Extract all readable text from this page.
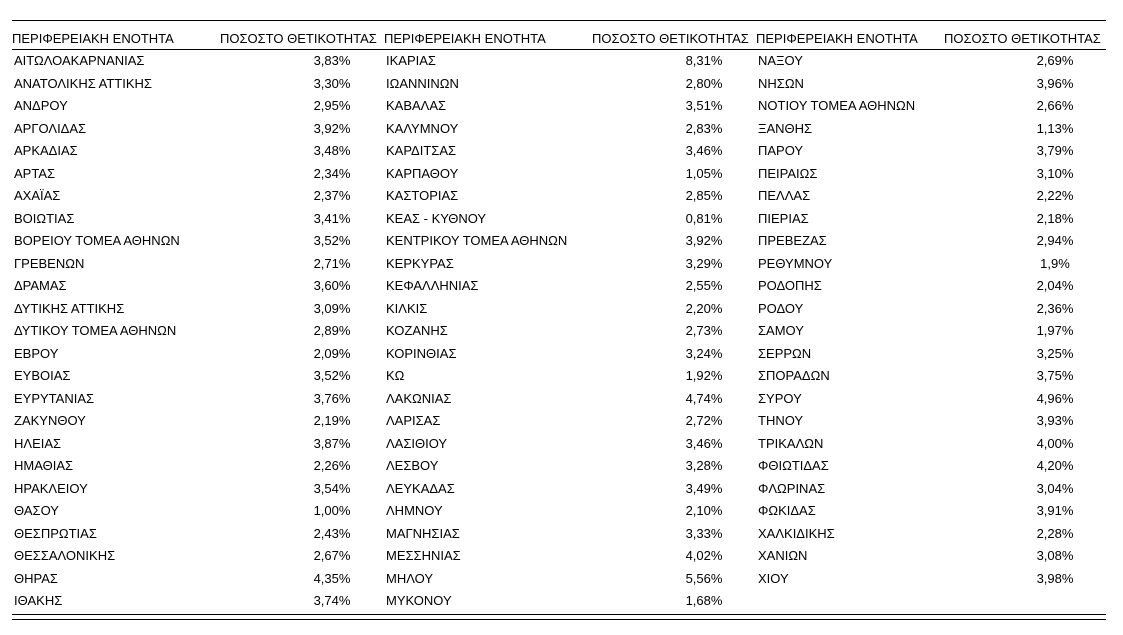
ΠΕΡΙΦΕΡΕΙΑΚΗ ΕΝΟΤΗΤΑ	ΠΟΣΟΣΤΟ ΘΕΤΙΚΟΤΗΤΑΣ	ΠΕΡΙΦΕΡΕΙΑΚΗ ΕΝΟΤΗΤΑ	ΠΟΣΟΣΤΟ ΘΕΤΙΚΟΤΗΤΑΣ	ΠΕΡΙΦΕΡΕΙΑΚΗ ΕΝΟΤΗΤΑ	ΠΟΣΟΣΤΟ ΘΕΤΙΚΟΤΗΤΑΣ
ΑΙΤΩΛΟΑΚΑΡΝΑΝΙΑΣ	3,83%	ΙΚΑΡΙΑΣ	8,31%	ΝΑΞΟΥ	2,69%
ΑΝΑΤΟΛΙΚΗΣ ΑΤΤΙΚΗΣ	3,30%	ΙΩΑΝΝΙΝΩΝ	2,80%	ΝΗΣΩΝ	3,96%
ΑΝΔΡΟΥ	2,95%	ΚΑΒΑΛΑΣ	3,51%	ΝΟΤΙΟΥ ΤΟΜΕΑ ΑΘΗΝΩΝ	2,66%
ΑΡΓΟΛΙΔΑΣ	3,92%	ΚΑΛΥΜΝΟΥ	2,83%	ΞΑΝΘΗΣ	1,13%
ΑΡΚΑΔΙΑΣ	3,48%	ΚΑΡΔΙΤΣΑΣ	3,46%	ΠΑΡΟΥ	3,79%
ΑΡΤΑΣ	2,34%	ΚΑΡΠΑΘΟΥ	1,05%	ΠΕΙΡΑΙΩΣ	3,10%
ΑΧΑΪΑΣ	2,37%	ΚΑΣΤΟΡΙΑΣ	2,85%	ΠΕΛΛΑΣ	2,22%
ΒΟΙΩΤΙΑΣ	3,41%	ΚΕΑΣ - ΚΥΘΝΟΥ	0,81%	ΠΙΕΡΙΑΣ	2,18%
ΒΟΡΕΙΟΥ ΤΟΜΕΑ ΑΘΗΝΩΝ	3,52%	ΚΕΝΤΡΙΚΟΥ ΤΟΜΕΑ ΑΘΗΝΩΝ	3,92%	ΠΡΕΒΕΖΑΣ	2,94%
ΓΡΕΒΕΝΩΝ	2,71%	ΚΕΡΚΥΡΑΣ	3,29%	ΡΕΘΥΜΝΟΥ	1,9%
ΔΡΑΜΑΣ	3,60%	ΚΕΦΑΛΛΗΝΙΑΣ	2,55%	ΡΟΔΟΠΗΣ	2,04%
ΔΥΤΙΚΗΣ ΑΤΤΙΚΗΣ	3,09%	ΚΙΛΚΙΣ	2,20%	ΡΟΔΟΥ	2,36%
ΔΥΤΙΚΟΥ ΤΟΜΕΑ ΑΘΗΝΩΝ	2,89%	ΚΟΖΑΝΗΣ	2,73%	ΣΑΜΟΥ	1,97%
ΕΒΡΟΥ	2,09%	ΚΟΡΙΝΘΙΑΣ	3,24%	ΣΕΡΡΩΝ	3,25%
ΕΥΒΟΙΑΣ	3,52%	ΚΩ	1,92%	ΣΠΟΡΑΔΩΝ	3,75%
ΕΥΡΥΤΑΝΙΑΣ	3,76%	ΛΑΚΩΝΙΑΣ	4,74%	ΣΥΡΟΥ	4,96%
ΖΑΚΥΝΘΟΥ	2,19%	ΛΑΡΙΣΑΣ	2,72%	ΤΗΝΟΥ	3,93%
ΗΛΕΙΑΣ	3,87%	ΛΑΣΙΘΙΟΥ	3,46%	ΤΡΙΚΑΛΩΝ	4,00%
ΗΜΑΘΙΑΣ	2,26%	ΛΕΣΒΟΥ	3,28%	ΦΘΙΩΤΙΔΑΣ	4,20%
ΗΡΑΚΛΕΙΟΥ	3,54%	ΛΕΥΚΑΔΑΣ	3,49%	ΦΛΩΡΙΝΑΣ	3,04%
ΘΑΣΟΥ	1,00%	ΛΗΜΝΟΥ	2,10%	ΦΩΚΙΔΑΣ	3,91%
ΘΕΣΠΡΩΤΙΑΣ	2,43%	ΜΑΓΝΗΣΙΑΣ	3,33%	ΧΑΛΚΙΔΙΚΗΣ	2,28%
ΘΕΣΣΑΛΟΝΙΚΗΣ	2,67%	ΜΕΣΣΗΝΙΑΣ	4,02%	ΧΑΝΙΩΝ	3,08%
ΘΗΡΑΣ	4,35%	ΜΗΛΟΥ	5,56%	ΧΙΟΥ	3,98%
ΙΘΑΚΗΣ	3,74%	ΜΥΚΟΝΟΥ	1,68%		
